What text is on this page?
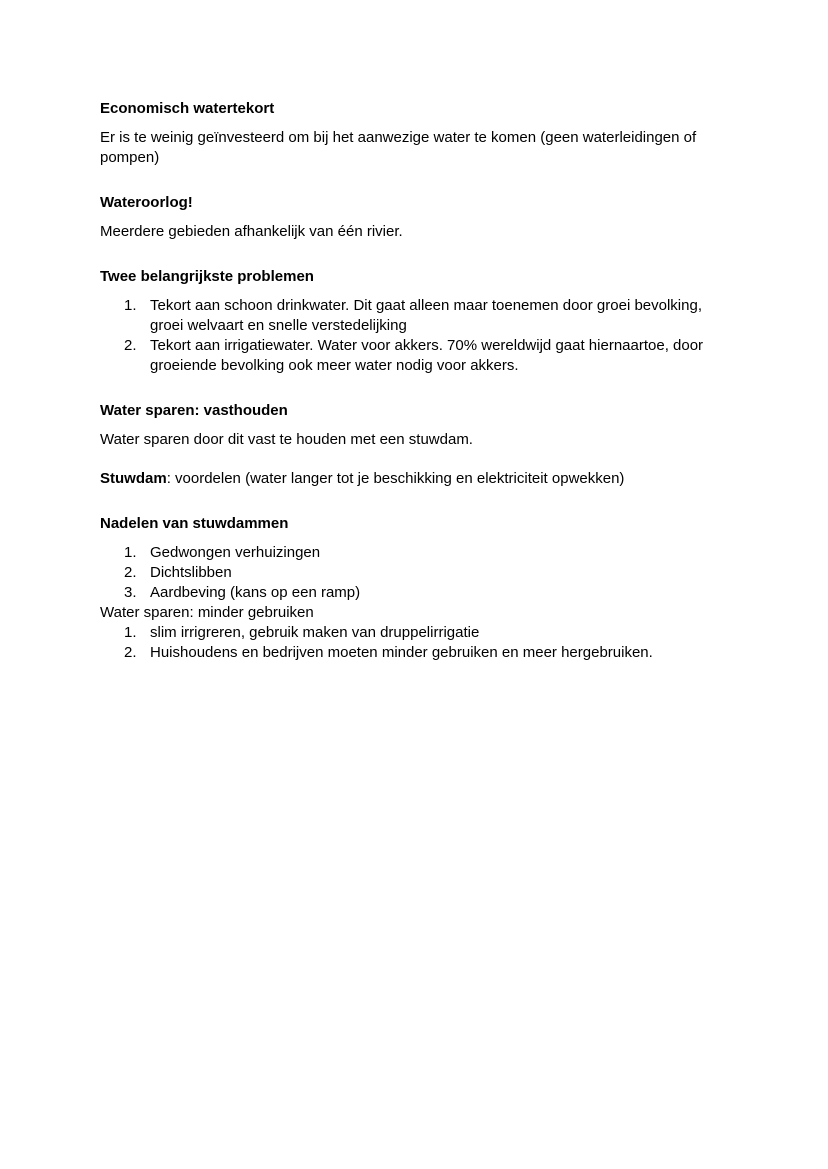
Economisch watertekort

Er is te weinig geïnvesteerd om bij het aanwezige water te komen (geen waterleidingen of pompen)

Wateroorlog!

Meerdere gebieden afhankelijk van één rivier.

Twee belangrijkste problemen

1. Tekort aan schoon drinkwater. Dit gaat alleen maar toenemen door groei bevolking, groei welvaart en snelle verstedelijking
2. Tekort aan irrigatiewater. Water voor akkers. 70% wereldwijd gaat hiernaartoe, door groeiende bevolking ook meer water nodig voor akkers.

Water sparen: vasthouden

Water sparen door dit vast te houden met een stuwdam.

Stuwdam: voordelen (water langer tot je beschikking en elektriciteit opwekken)

Nadelen van stuwdammen

1. Gedwongen verhuizingen
2. Dichtslibben
3. Aardbeving (kans op een ramp)

Water sparen: minder gebruiken

1. slim irrigreren, gebruik maken van druppelirrigatie
2. Huishoudens en bedrijven moeten minder gebruiken en meer hergebruiken.
